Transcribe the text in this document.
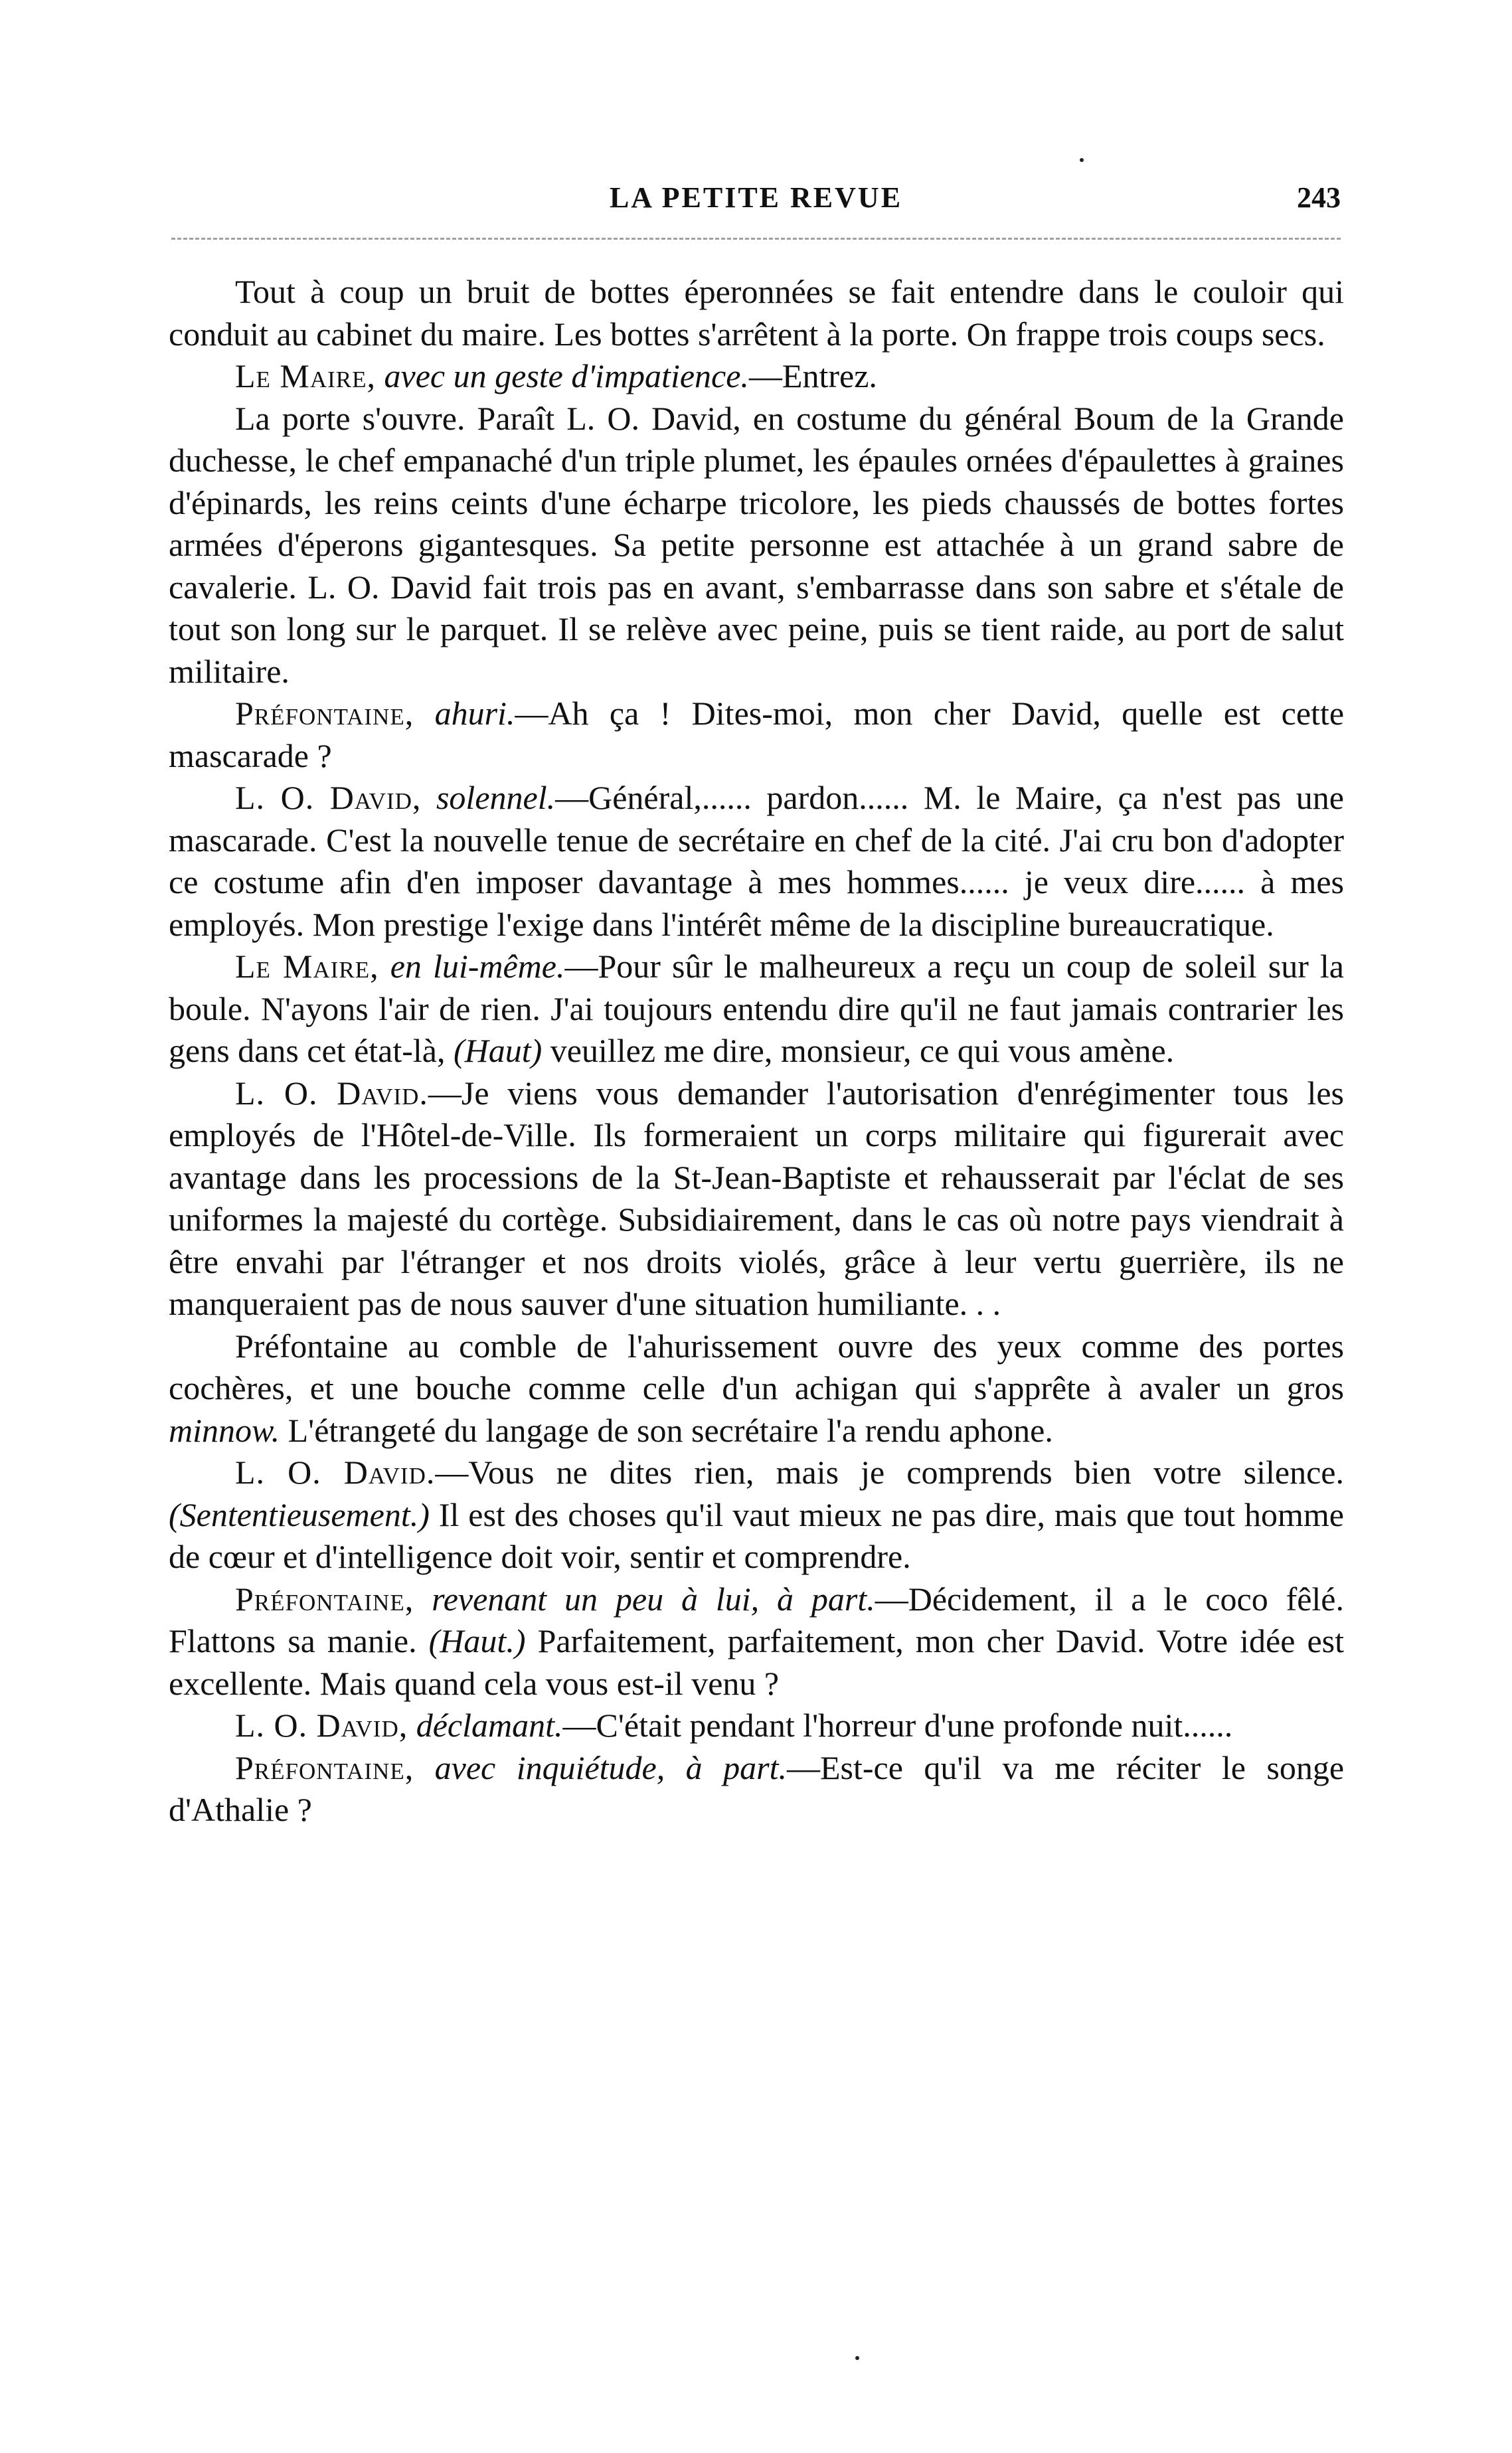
LA PETITE REVUE	243

Tout à coup un bruit de bottes éperonnées se fait entendre dans le couloir qui conduit au cabinet du maire. Les bottes s'arrêtent à la porte. On frappe trois coups secs.

Le Maire, avec un geste d'impatience.—Entrez.

La porte s'ouvre. Paraît L. O. David, en costume du général Boum de la Grande duchesse, le chef empanaché d'un triple plumet, les épaules ornées d'épaulettes à graines d'épinards, les reins ceints d'une écharpe tricolore, les pieds chaussés de bottes fortes armées d'éperons gigantesques. Sa petite personne est attachée à un grand sabre de cavalerie. L. O. David fait trois pas en avant, s'embarrasse dans son sabre et s'étale de tout son long sur le parquet. Il se relève avec peine, puis se tient raide, au port de salut militaire.

Préfontaine, ahuri.—Ah ça ! Dites-moi, mon cher David, quelle est cette mascarade ?

L. O. David, solennel.—Général,...... pardon...... M. le Maire, ça n'est pas une mascarade. C'est la nouvelle tenue de secrétaire en chef de la cité. J'ai cru bon d'adopter ce costume afin d'en imposer davantage à mes hommes...... je veux dire...... à mes employés. Mon prestige l'exige dans l'intérêt même de la discipline bureaucratique.

Le Maire, en lui-même.—Pour sûr le malheureux a reçu un coup de soleil sur la boule. N'ayons l'air de rien. J'ai toujours entendu dire qu'il ne faut jamais contrarier les gens dans cet état-là, (Haut) veuillez me dire, monsieur, ce qui vous amène.

L. O. David.—Je viens vous demander l'autorisation d'enrégimenter tous les employés de l'Hôtel-de-Ville. Ils formeraient un corps militaire qui figurerait avec avantage dans les processions de la St-Jean-Baptiste et rehausserait par l'éclat de ses uniformes la majesté du cortège. Subsidiairement, dans le cas où notre pays viendrait à être envahi par l'étranger et nos droits violés, grâce à leur vertu guerrière, ils ne manqueraient pas de nous sauver d'une situation humiliante. . .

Préfontaine au comble de l'ahurissement ouvre des yeux comme des portes cochères, et une bouche comme celle d'un achigan qui s'apprête à avaler un gros minnow. L'étrangeté du langage de son secrétaire l'a rendu aphone.

L. O. David.—Vous ne dites rien, mais je comprends bien votre silence. (Sententieusement.) Il est des choses qu'il vaut mieux ne pas dire, mais que tout homme de cœur et d'intelligence doit voir, sentir et comprendre.

Préfontaine, revenant un peu à lui, à part.—Décidement, il a le coco fêlé. Flattons sa manie. (Haut.) Parfaitement, parfaitement, mon cher David. Votre idée est excellente. Mais quand cela vous est-il venu ?

L. O. David, déclamant.—C'était pendant l'horreur d'une profonde nuit......

Préfontaine, avec inquiétude, à part.—Est-ce qu'il va me réciter le songe d'Athalie ?
